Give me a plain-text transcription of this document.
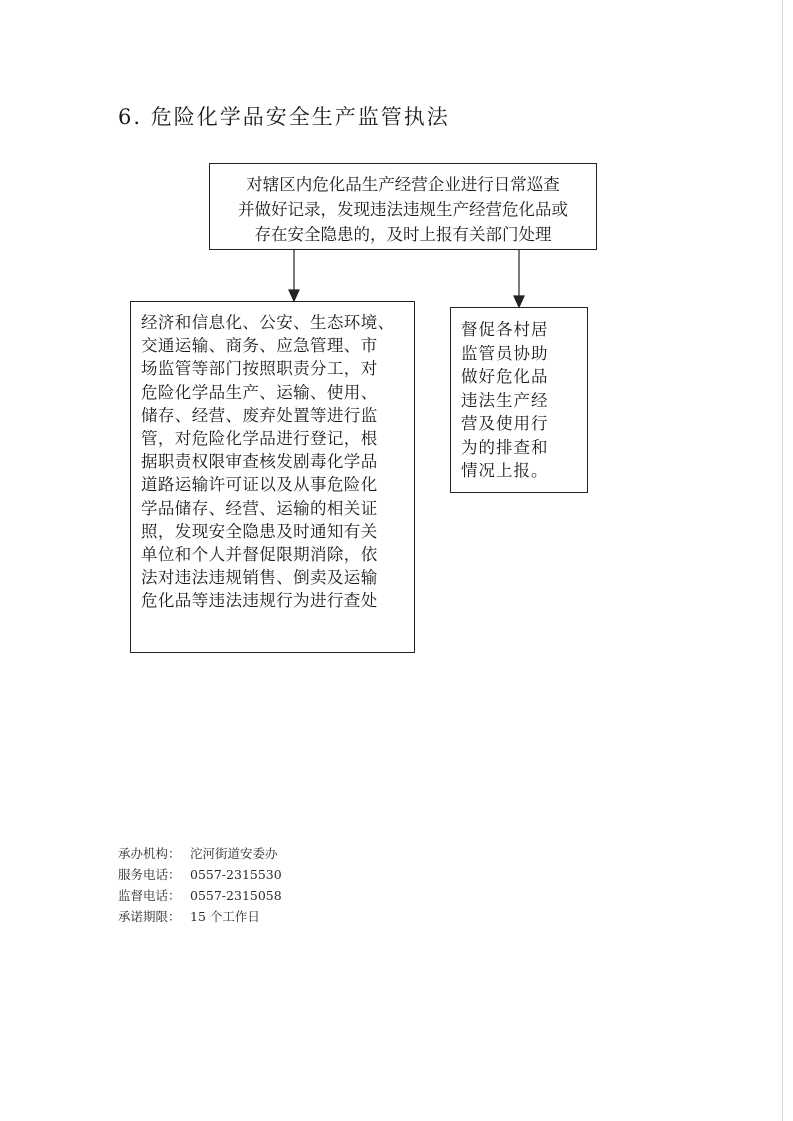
6. 危险化学品安全生产监管执法
对辖区内危化品生产经营企业进行日常巡查
并做好记录，发现违法违规生产经营危化品或
存在安全隐患的，及时上报有关部门处理
经济和信息化、公安、生态环境、
交通运输、商务、应急管理、市
场监管等部门按照职责分工，对
危险化学品生产、运输、使用、
储存、经营、废弃处置等进行监
管，对危险化学品进行登记，根
据职责权限审查核发剧毒化学品
道路运输许可证以及从事危险化
学品储存、经营、运输的相关证
照，发现安全隐患及时通知有关
单位和个人并督促限期消除，依
法对违法违规销售、倒卖及运输
危化品等违法违规行为进行查处
督促各村居
监管员协助
做好危化品
违法生产经
营及使用行
为的排查和
情况上报。
承办机构： 沱河街道安委办
服务电话： 0557-2315530
监督电话： 0557-2315058
承诺期限： 15 个工作日
